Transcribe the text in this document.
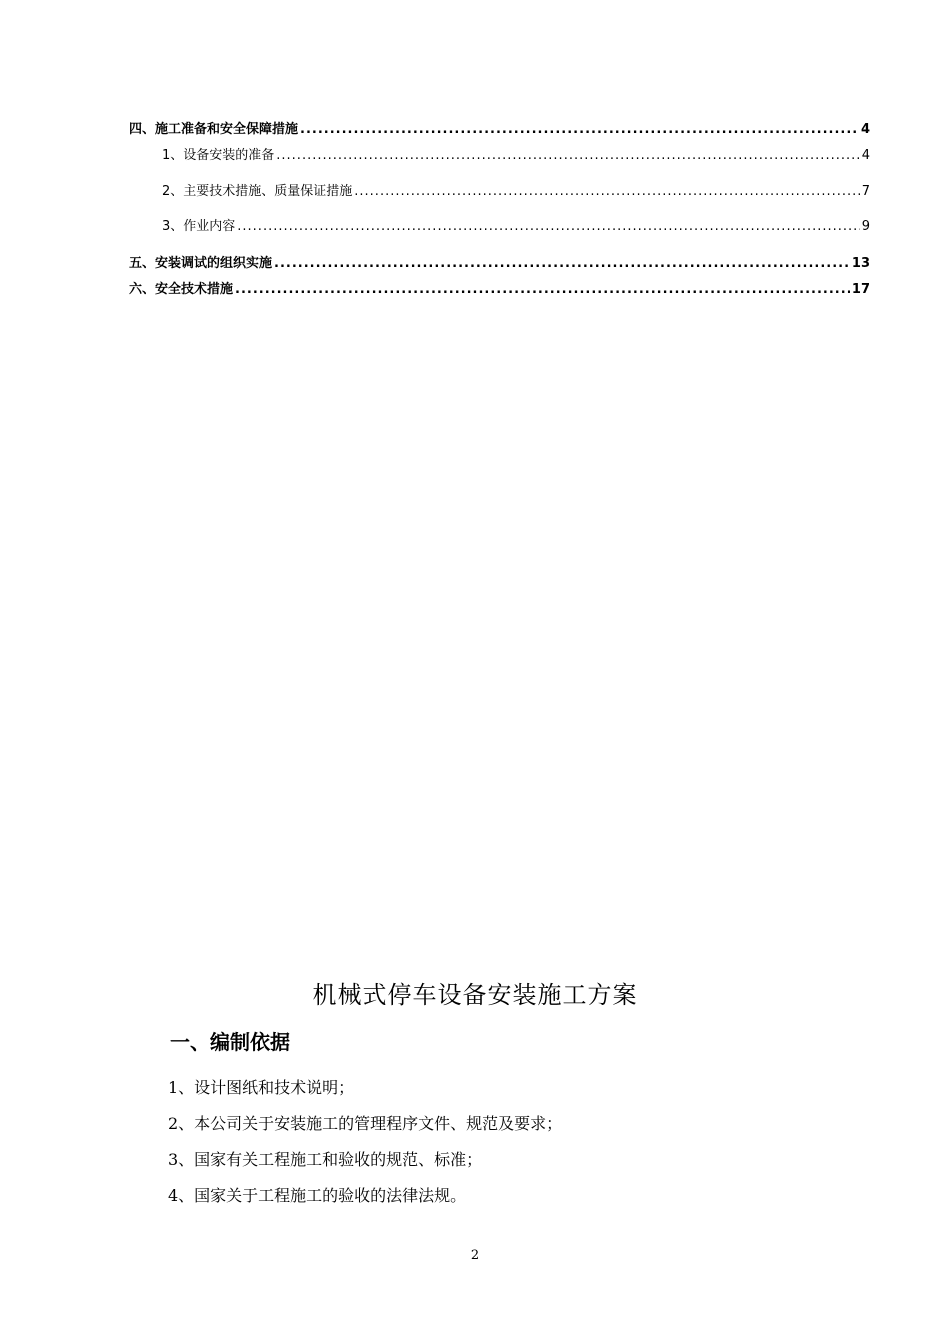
四、施工准备和安全保障措施 .....	4
1、设备安装的准备 .....	4
2、主要技术措施、质量保证措施 .....	7
3、作业内容 .....	9
五、安装调试的组织实施 .....	13
六、安全技术措施 .....	17
机械式停车设备安装施工方案
一、编制依据
1、设计图纸和技术说明；
2、本公司关于安装施工的管理程序文件、规范及要求；
3、国家有关工程施工和验收的规范、标准；
4、国家关于工程施工的验收的法律法规。
2
